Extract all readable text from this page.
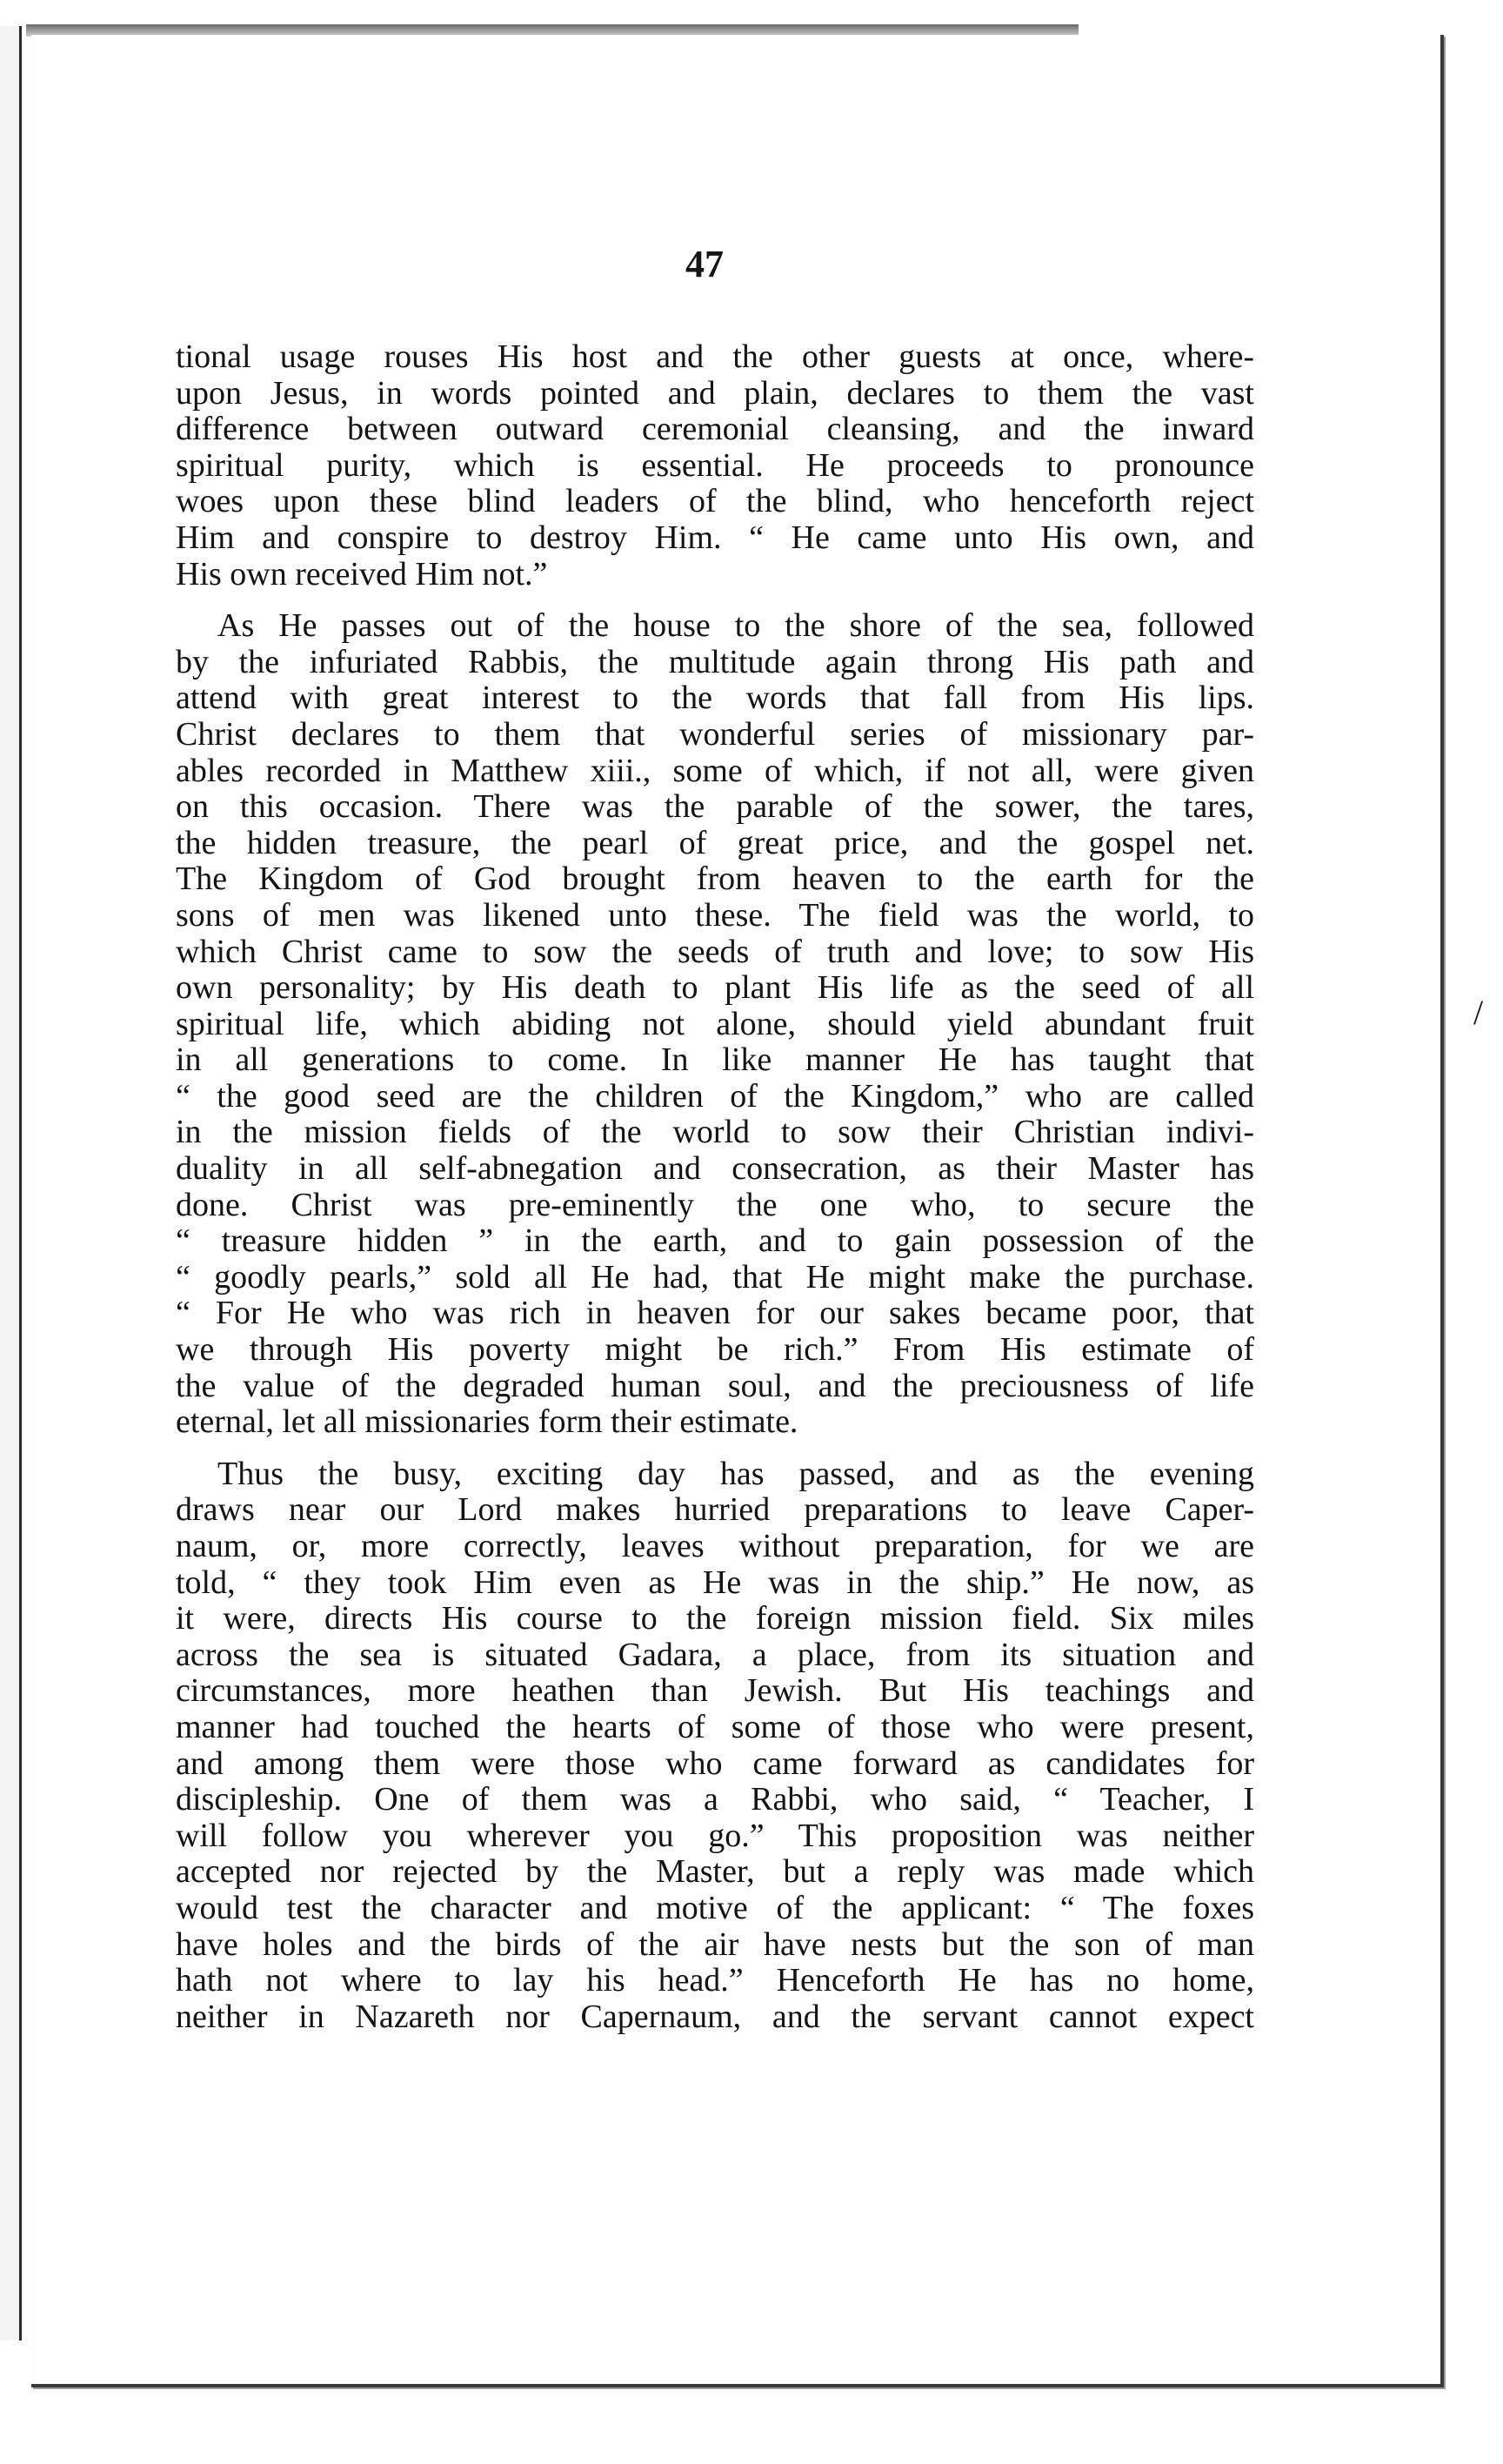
47
tional usage rouses His host and the other guests at once, where-
upon Jesus, in words pointed and plain, declares to them the vast
difference between outward ceremonial cleansing, and the inward
spiritual purity, which is essential. He proceeds to pronounce
woes upon these blind leaders of the blind, who henceforth reject
Him and conspire to destroy Him. “ He came unto His own, and
His own received Him not.”
As He passes out of the house to the shore of the sea, followed
by the infuriated Rabbis, the multitude again throng His path and
attend with great interest to the words that fall from His lips.
Christ declares to them that wonderful series of missionary par-
ables recorded in Matthew xiii., some of which, if not all, were given
on this occasion. There was the parable of the sower, the tares,
the hidden treasure, the pearl of great price, and the gospel net.
The Kingdom of God brought from heaven to the earth for the
sons of men was likened unto these. The field was the world, to
which Christ came to sow the seeds of truth and love; to sow His
own personality; by His death to plant His life as the seed of all
spiritual life, which abiding not alone, should yield abundant fruit
in all generations to come. In like manner He has taught that
“ the good seed are the children of the Kingdom,” who are called
in the mission fields of the world to sow their Christian indivi-
duality in all self-abnegation and consecration, as their Master has
done. Christ was pre-eminently the one who, to secure the
“ treasure hidden ” in the earth, and to gain possession of the
“ goodly pearls,” sold all He had, that He might make the purchase.
“ For He who was rich in heaven for our sakes became poor, that
we through His poverty might be rich.” From His estimate of
the value of the degraded human soul, and the preciousness of life
eternal, let all missionaries form their estimate.
Thus the busy, exciting day has passed, and as the evening
draws near our Lord makes hurried preparations to leave Caper-
naum, or, more correctly, leaves without preparation, for we are
told, “ they took Him even as He was in the ship.” He now, as
it were, directs His course to the foreign mission field. Six miles
across the sea is situated Gadara, a place, from its situation and
circumstances, more heathen than Jewish. But His teachings and
manner had touched the hearts of some of those who were present,
and among them were those who came forward as candidates for
discipleship. One of them was a Rabbi, who said, “ Teacher, I
will follow you wherever you go.” This proposition was neither
accepted nor rejected by the Master, but a reply was made which
would test the character and motive of the applicant: “ The foxes
have holes and the birds of the air have nests but the son of man
hath not where to lay his head.” Henceforth He has no home,
neither in Nazareth nor Capernaum, and the servant cannot expect
/
